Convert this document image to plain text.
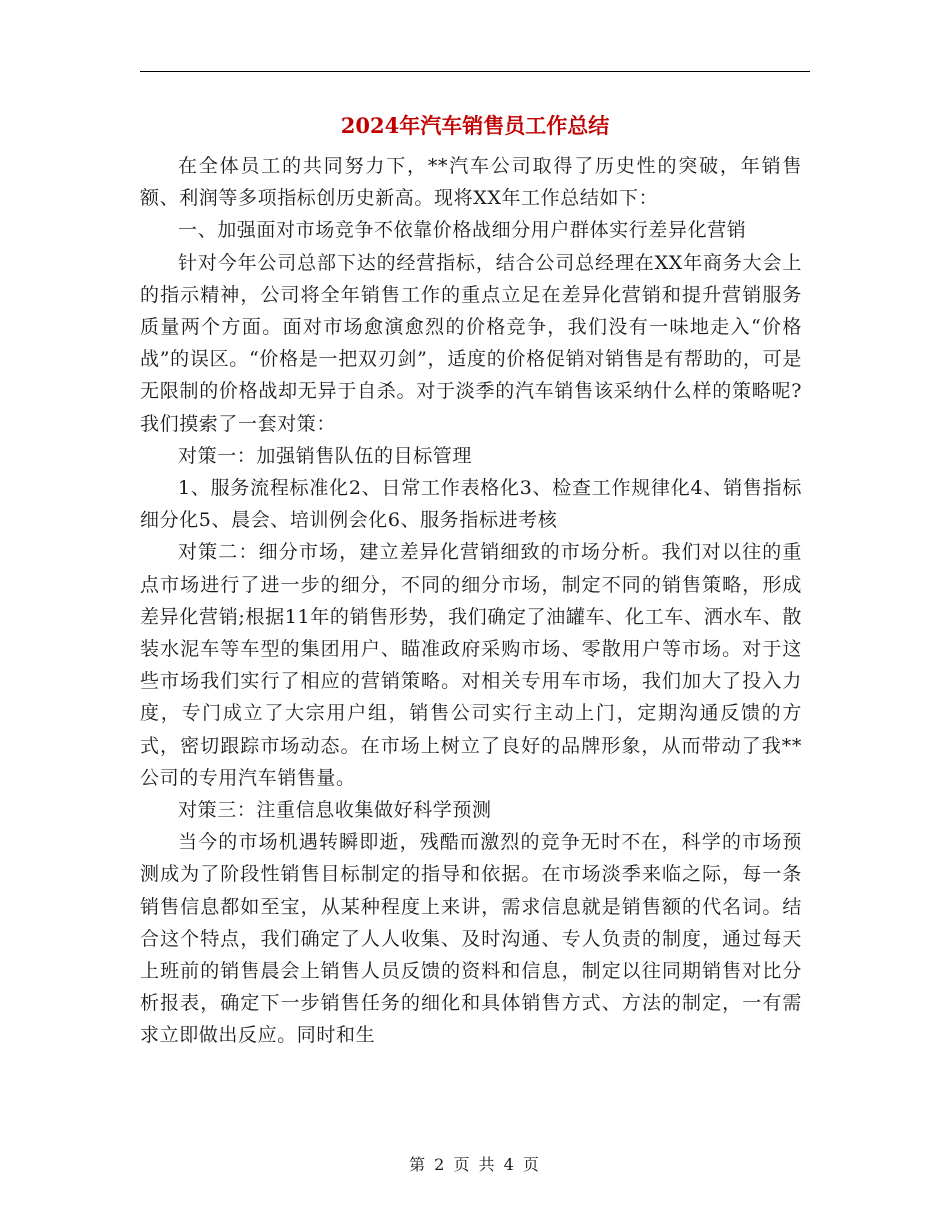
2024年汽车销售员工作总结

在全体员工的共同努力下，**汽车公司取得了历史性的突破，年销售额、利润等多项指标创历史新高。现将XX年工作总结如下：

一、加强面对市场竞争不依靠价格战细分用户群体实行差异化营销

针对今年公司总部下达的经营指标，结合公司总经理在XX年商务大会上的指示精神，公司将全年销售工作的重点立足在差异化营销和提升营销服务质量两个方面。面对市场愈演愈烈的价格竞争，我们没有一味地走入“价格战”的误区。“价格是一把双刃剑”，适度的价格促销对销售是有帮助的，可是无限制的价格战却无异于自杀。对于淡季的汽车销售该采纳什么样的策略呢?我们摸索了一套对策：

对策一：加强销售队伍的目标管理

1、服务流程标准化2、日常工作表格化3、检查工作规律化4、销售指标细分化5、晨会、培训例会化6、服务指标进考核

对策二：细分市场，建立差异化营销细致的市场分析。我们对以往的重点市场进行了进一步的细分，不同的细分市场，制定不同的销售策略，形成差异化营销;根据11年的销售形势，我们确定了油罐车、化工车、洒水车、散装水泥车等车型的集团用户、瞄准政府采购市场、零散用户等市场。对于这些市场我们实行了相应的营销策略。对相关专用车市场，我们加大了投入力度，专门成立了大宗用户组，销售公司实行主动上门，定期沟通反馈的方式，密切跟踪市场动态。在市场上树立了良好的品牌形象，从而带动了我**公司的专用汽车销售量。

对策三：注重信息收集做好科学预测

当今的市场机遇转瞬即逝，残酷而激烈的竞争无时不在，科学的市场预测成为了阶段性销售目标制定的指导和依据。在市场淡季来临之际，每一条销售信息都如至宝，从某种程度上来讲，需求信息就是销售额的代名词。结合这个特点，我们确定了人人收集、及时沟通、专人负责的制度，通过每天上班前的销售晨会上销售人员反馈的资料和信息，制定以往同期销售对比分析报表，确定下一步销售任务的细化和具体销售方式、方法的制定，一有需求立即做出反应。同时和生

第 2 页 共 4 页
